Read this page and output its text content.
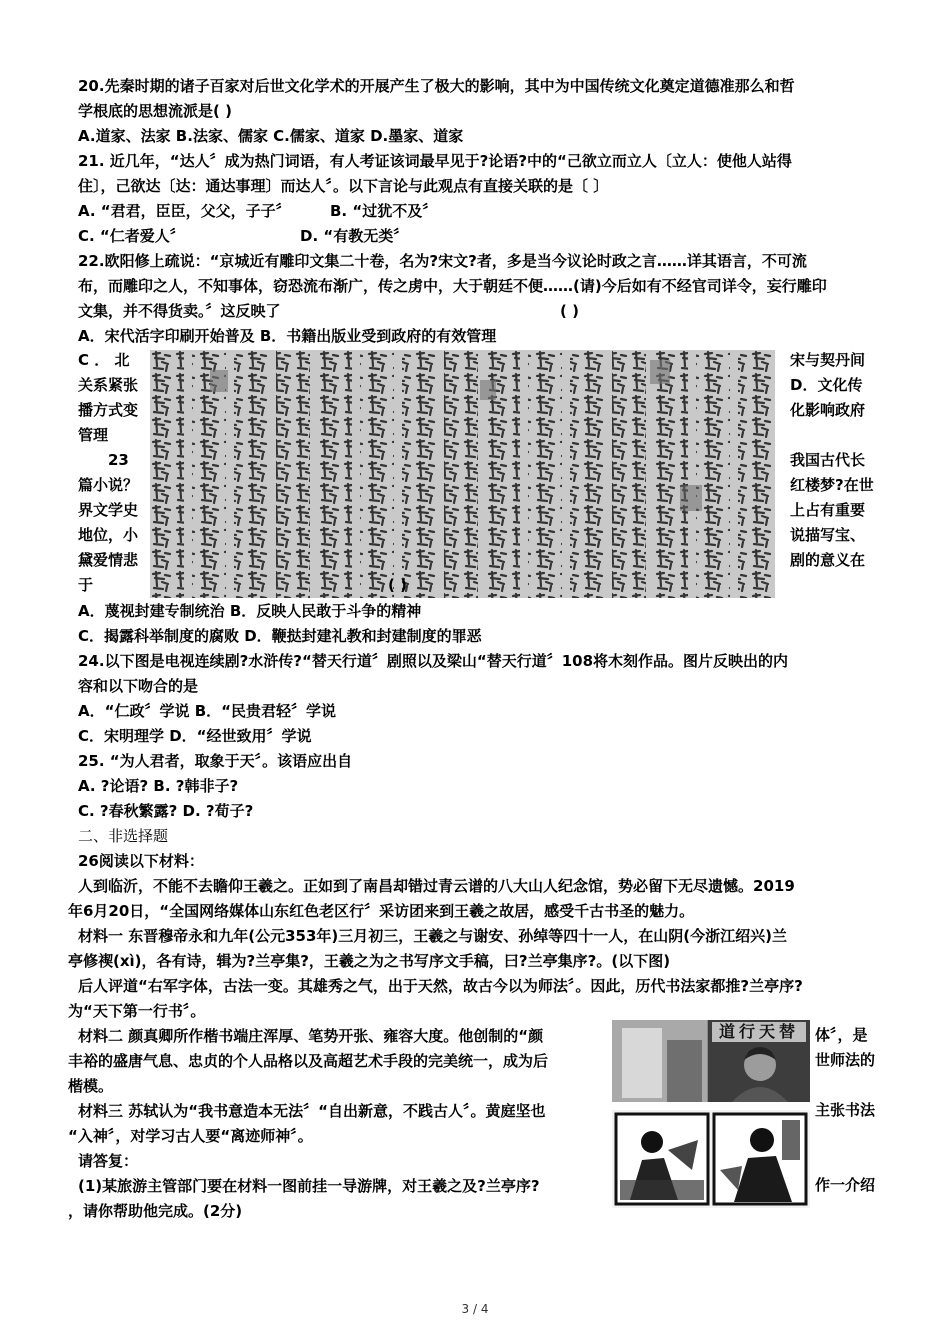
20.先秦时期的诸子百家对后世文化学术的开展产生了极大的影响，其中为中国传统文化奠定道德准那么和哲
学根底的思想流派是( )
A.道家、法家 B.法家、儒家 C.儒家、道家 D.墨家、道家
21. 近几年，“达人〞成为热门词语，有人考证该词最早见于?论语?中的“己欲立而立人〔立人：使他人站得
住〕，己欲达〔达：通达事理〕而达人〞。以下言论与此观点有直接关联的是〔 〕
A. “君君，臣臣，父父，子子〞	B. “过犹不及〞
C. “仁者爱人〞	D. “有教无类〞
22.欧阳修上疏说：“京城近有雕印文集二十卷，名为?宋文?者，多是当今议论时政之言……详其语言，不可流
布，而雕印之人，不知事体，窃恐流布渐广，传之虏中，大于朝廷不便……(请)今后如有不经官司详令，妄行雕印
文集，并不得货卖。〞这反映了	( )
A．宋代活字印刷开始普及 B．书籍出版业受到政府的有效管理
C ． 北	宋与契丹间
关系紧张	D．文化传
播方式变	化影响政府
管理
23	我国古代长
篇小说？	红楼梦?在世
界文学史	上占有重要
地位，小	说描写宝、
黛爱情悲	剧的意义在
于	( )
A．蔑视封建专制统治 B．反映人民敢于斗争的精神
C．揭露科举制度的腐败 D．鞭挞封建礼教和封建制度的罪恶
24.以下图是电视连续剧?水浒传?“替天行道〞剧照以及梁山“替天行道〞108将木刻作品。图片反映出的内
容和以下吻合的是
A．“仁政〞学说 B．“民贵君轻〞学说
C．宋明理学 D．“经世致用〞学说
25. “为人君者，取象于天〞。该语应出自
A. ?论语? B. ?韩非子?
C. ?春秋繁露? D. ?荀子?
二、非选择题
26阅读以下材料：
人到临沂，不能不去瞻仰王羲之。正如到了南昌却错过青云谱的八大山人纪念馆，势必留下无尽遗憾。2019
年6月20日，“全国网络媒体山东红色老区行〞采访团来到王羲之故居，感受千古书圣的魅力。
材料一 东晋穆帝永和九年(公元353年)三月初三，王羲之与谢安、孙绰等四十一人，在山阴(今浙江绍兴)兰
亭修禊(xì)，各有诗，辑为?兰亭集?，王羲之为之书写序文手稿，曰?兰亭集序?。(以下图)
后人评道“右军字体，古法一变。其雄秀之气，出于天然，故古今以为师法〞。因此，历代书法家都推?兰亭序?
为“天下第一行书〞。
材料二 颜真卿所作楷书端庄浑厚、笔势开张、雍容大度。他创制的“颜	体〞，是
丰裕的盛唐气息、忠贞的个人品格以及高超艺术手段的完美统一，成为后	世师法的
楷模。
材料三 苏轼认为“我书意造本无法〞“自出新意，不践古人〞。黄庭坚也	主张书法
“入神〞，对学习古人要“离迹师神〞。
请答复：
(1)某旅游主管部门要在材料一图前挂一导游牌，对王羲之及?兰亭序?	作一介绍
，请你帮助他完成。(2分)
道行天替
3 / 4
